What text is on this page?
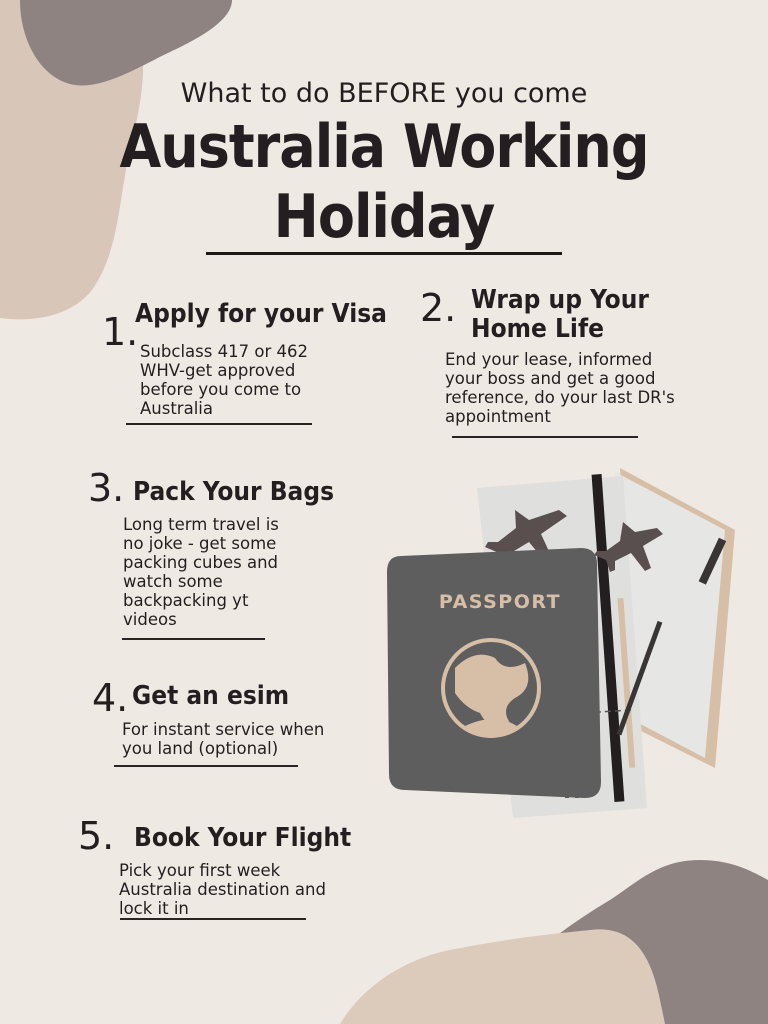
What to do BEFORE you come
Australia Working
Holiday
1.
Apply for your Visa
Subclass 417 or 462
WHV-get approved
before you come to
Australia
2. Wrap up Your
Home Life
End your lease, informed
your boss and get a good
reference, do your last DR's
appointment
3. Pack Your Bags
Long term travel is
no joke - get some
packing cubes and
watch some
backpacking yt
videos
4. Get an esim
For instant service when
you land (optional)
5. Book Your Flight
Pick your first week
Australia destination and
lock it in
PASSPORT
